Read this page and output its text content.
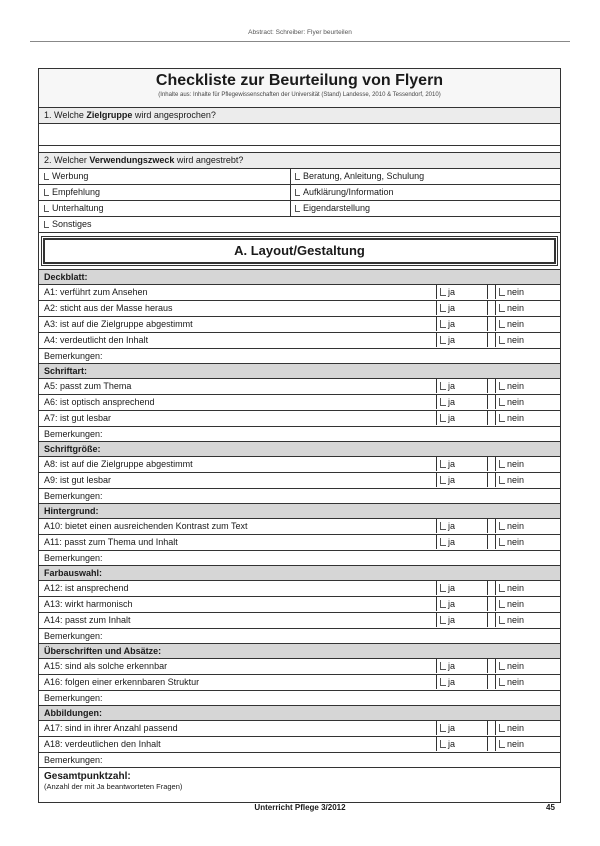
Abstract: Schreiber: Flyer beurteilen
Checkliste zur Beurteilung von Flyern
(Inhalte aus: Inhalte für Pflegewissenschaften der Universität (Stand) Landesse, 2010 & Tessendorf, 2010)
1. Welche Zielgruppe wird angesprochen?
2. Welcher Verwendungszweck wird angestrebt?
Werbung	Beratung, Anleitung, Schulung
Empfehlung	Aufklärung/Information
Unterhaltung	Eigendarstellung
Sonstiges
A. Layout/Gestaltung
Deckblatt:
A1: verführt zum Ansehen	ja	nein
A2: sticht aus der Masse heraus	ja	nein
A3: ist auf die Zielgruppe abgestimmt	ja	nein
A4: verdeutlicht den Inhalt	ja	nein
Bemerkungen:
Schriftart:
A5: passt zum Thema	ja	nein
A6: ist optisch ansprechend	ja	nein
A7: ist gut lesbar	ja	nein
Bemerkungen:
Schriftgröße:
A8: ist auf die Zielgruppe abgestimmt	ja	nein
A9: ist gut lesbar	ja	nein
Bemerkungen:
Hintergrund:
A10: bietet einen ausreichenden Kontrast zum Text	ja	nein
A11: passt zum Thema und Inhalt	ja	nein
Bemerkungen:
Farbauswahl:
A12: ist ansprechend	ja	nein
A13: wirkt harmonisch	ja	nein
A14: passt zum Inhalt	ja	nein
Bemerkungen:
Überschriften und Absätze:
A15: sind als solche erkennbar	ja	nein
A16: folgen einer erkennbaren Struktur	ja	nein
Bemerkungen:
Abbildungen:
A17: sind in ihrer Anzahl passend	ja	nein
A18: verdeutlichen den Inhalt	ja	nein
Bemerkungen:
Gesamtpunktzahl:
(Anzahl der mit Ja beantworteten Fragen)
Unterricht Pflege 3/2012	45
